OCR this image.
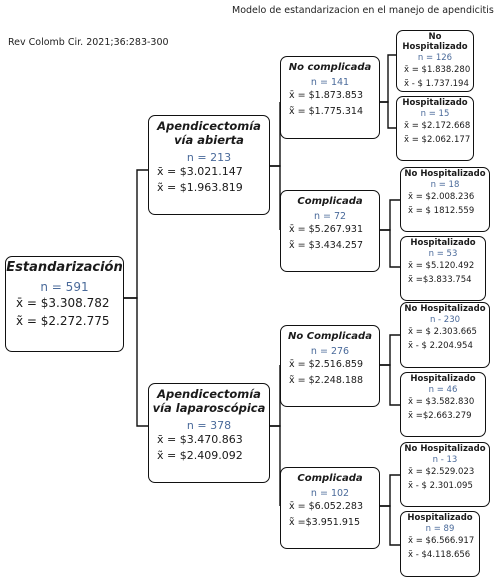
Modelo de estandarizacion en el manejo de apendicitis
Rev Colomb Cir. 2021;36:283-300
Estandarización
n = 591
x̄ = $3.308.782
x̃ = $2.272.775
Apendicectomía
vía abierta
n = 213
x̄ = $3.021.147
x̃ = $1.963.819
Apendicectomía
vía laparoscópica
n = 378
x̄ = $3.470.863
x̃ = $2.409.092
No complicada
n = 141
x̄ = $1.873.853
x̃ = $1.775.314
Complicada
n = 72
x̄ = $5.267.931
x̃ = $3.434.257
No Complicada
n = 276
x̄ = $2.516.859
x̃ = $2.248.188
Complicada
n = 102
x̄ = $6.052.283
x̃ =$3.951.915
No Hospitalizado
n = 126
x̄ = $1.838.280
x̃ - $ 1.737.194
Hospitalizado
n = 15
x̄ = $2.172.668
x̃ = $2.062.177
No Hospitalizado
n = 18
x̄ = $2.008.236
x̃ = $ 1812.559
Hospitalizado
n = 53
x̄ = $5.120.492
x̃ =$3.833.754
No Hospitalizado
n - 230
x̄ = $ 2.303.665
x̃ - $ 2.204.954
Hospitalizado
n = 46
x̄ = $3.582.830
x̃ =$2.663.279
No Hospitalizado
n - 13
x̄ = $2.529.023
x̃ - $ 2.301.095
Hospitalizado
n = 89
x̄ = $6.566.917
x̃ - $4.118.656
